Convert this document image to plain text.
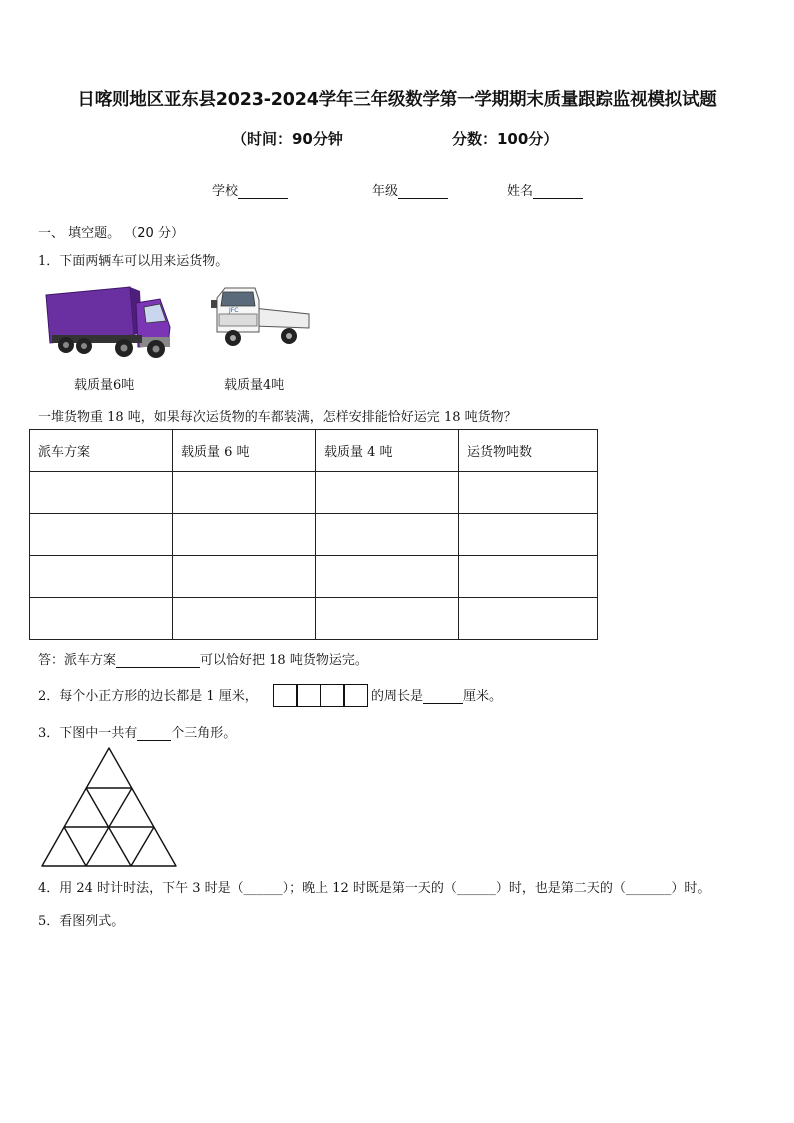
日喀则地区亚东县2023-2024学年三年级数学第一学期期末质量跟踪监视模拟试题
（时间：90分钟	分数：100分）
学校	年级	姓名
一、 填空题。 （20 分）
1．下面两辆车可以用来运货物。
载质量6吨
JFC
载质量4吨
一堆货物重 18 吨，如果每次运货物的车都装满，怎样安排能恰好运完 18 吨货物？
派车方案	载质量 6 吨	载质量 4 吨	运货物吨数

答：派车方案	可以恰好把 18 吨货物运完。
2．每个小正方形的边长都是 1 厘米，	的周长是	厘米。
3．下图中一共有	个三角形。
4．用 24 时计时法，下午 3 时是（______）；晚上 12 时既是第一天的（______）时，也是第二天的（_______）时。
5．看图列式。
